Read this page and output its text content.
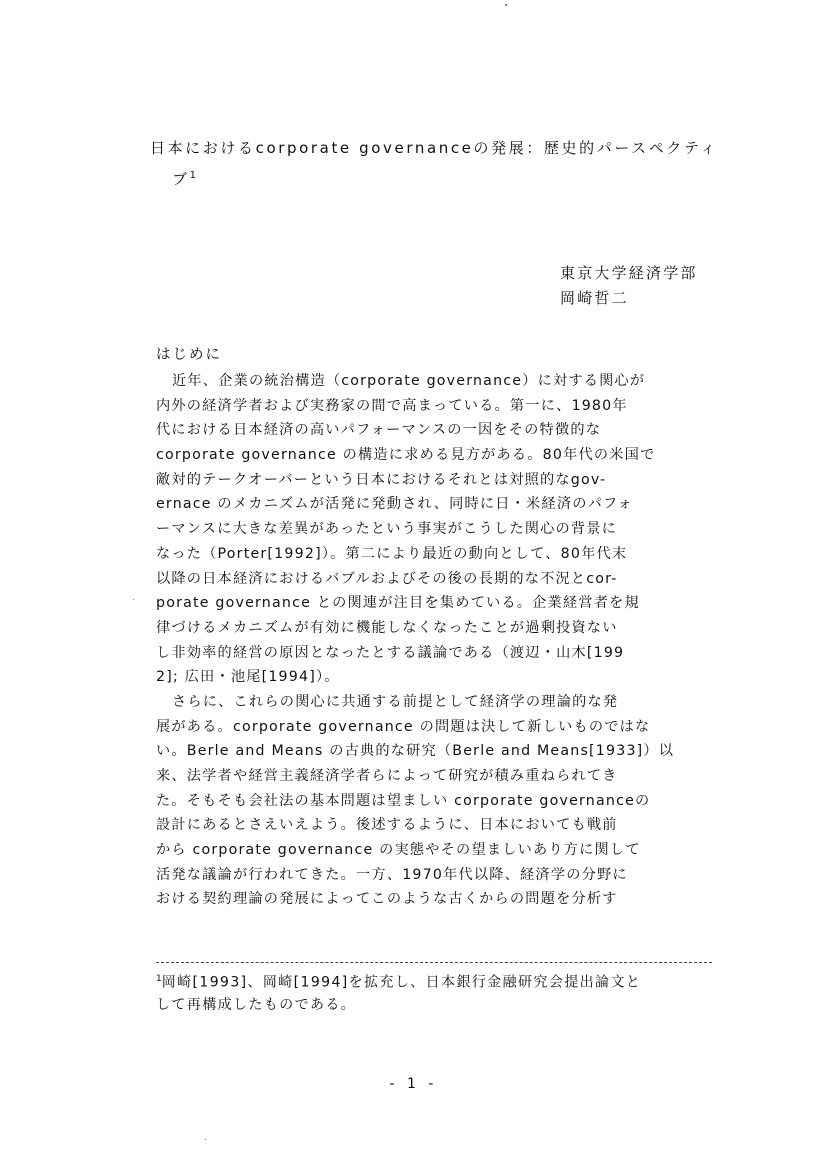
日本におけるcorporate governanceの発展：歴史的パースペクティ
ブ$^1$
東京大学経済学部
岡崎哲二
はじめに
近年、企業の統治構造（corporate governance）に対する関心が
内外の経済学者および実務家の間で高まっている。第一に、1980年
代における日本経済の高いパフォーマンスの一因をその特徴的な
corporate governance の構造に求める見方がある。80年代の米国で
敵対的テークオーバーという日本におけるそれとは対照的なgov-
ernace のメカニズムが活発に発動され、同時に日・米経済のパフォ
ーマンスに大きな差異があったという事実がこうした関心の背景に
なった（Porter[1992]）。第二により最近の動向として、80年代末
以降の日本経済におけるバブルおよびその後の長期的な不況とcor-
porate governance との関連が注目を集めている。企業経営者を規
律づけるメカニズムが有効に機能しなくなったことが過剰投資ない
し非効率的経営の原因となったとする議論である（渡辺・山木[199
2]; 広田・池尾[1994]）。
さらに、これらの関心に共通する前提として経済学の理論的な発
展がある。corporate governance の問題は決して新しいものではな
い。Berle and Means の古典的な研究（Berle and Means[1933]）以
来、法学者や経営主義経済学者らによって研究が積み重ねられてき
た。そもそも会社法の基本問題は望ましい corporate governanceの
設計にあるとさえいえよう。後述するように、日本においても戦前
から corporate governance の実態やその望ましいあり方に関して
活発な議論が行われてきた。一方、1970年代以降、経済学の分野に
おける契約理論の発展によってこのような古くからの問題を分析す
$^1$岡崎[1993]、岡崎[1994]を拡充し、日本銀行金融研究会提出論文と
して再構成したものである。
- 1 -
